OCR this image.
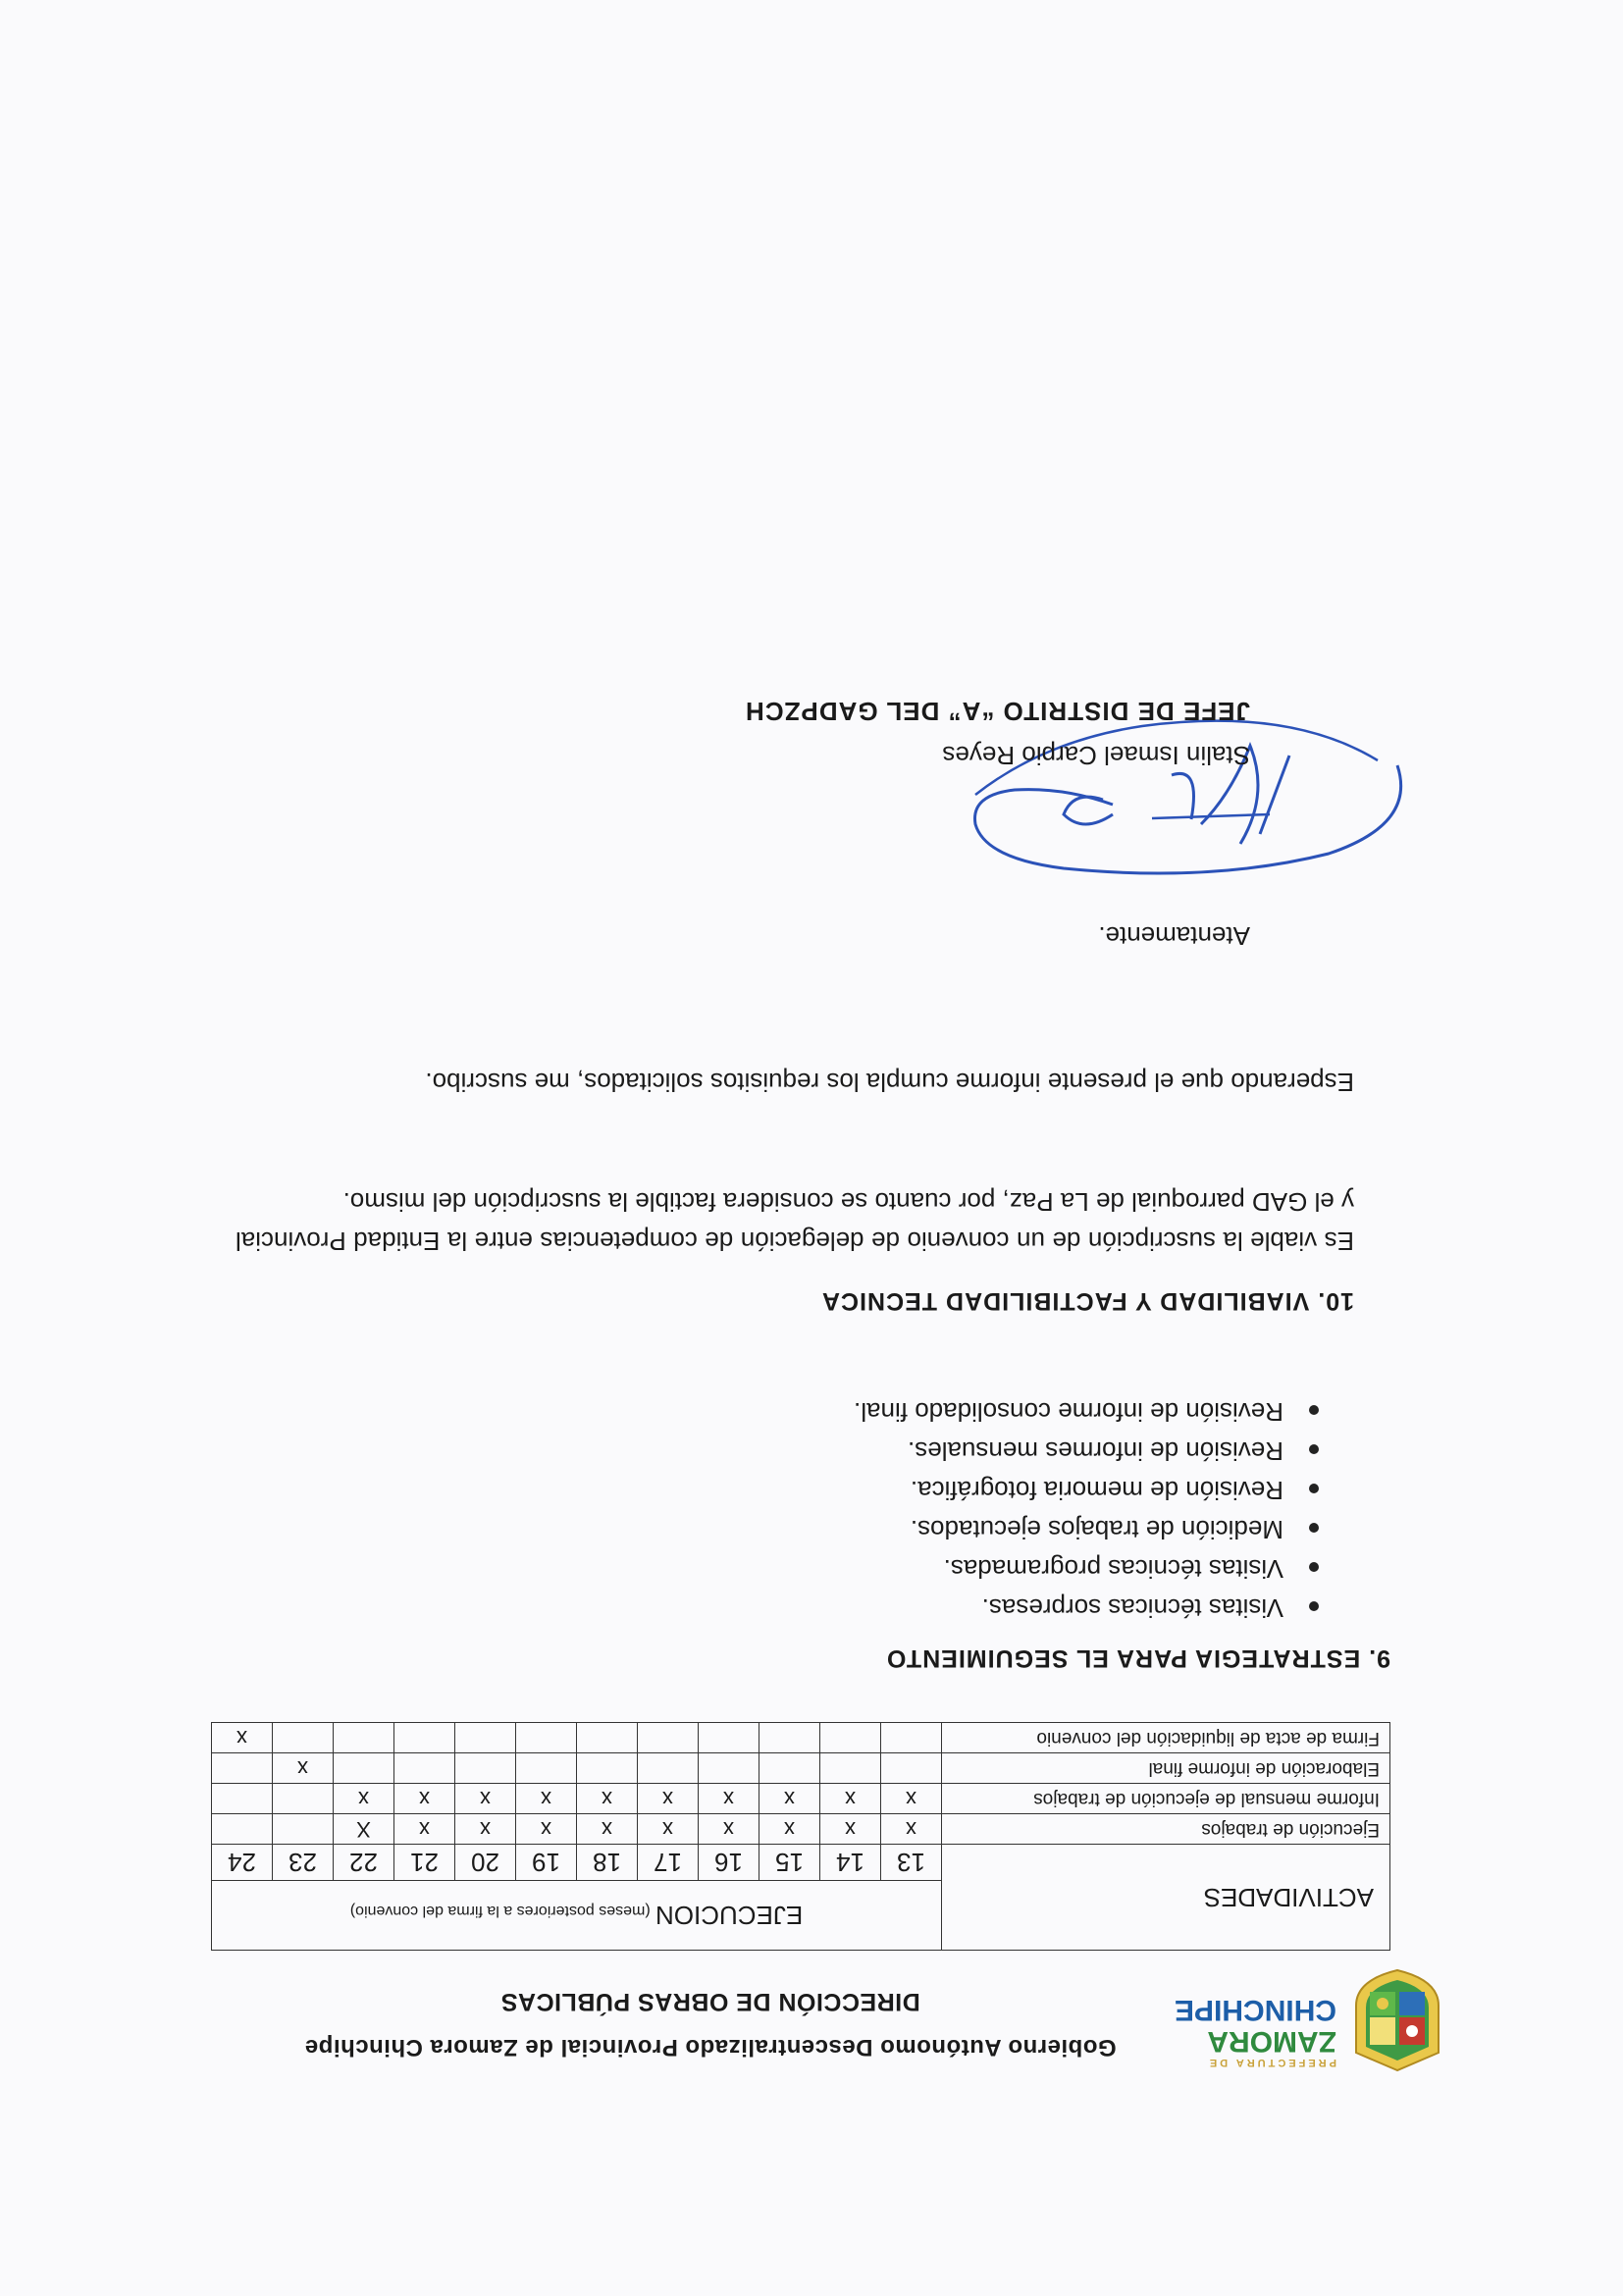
PREFECTURA DE
ZAMORA
CHINCHIPE
Gobierno Autónomo Descentralizado Provincial de Zamora Chinchipe
DIRECCIÓN DE OBRAS PÚBLICAS
ACTIVIDADES	EJECUCION (meses posteriores a la firma del convenio)											
	13	14	15	16	17	18	19	20	21	22	23	24
Ejecución de trabajos	x	x	x	x	x	x	x	x	x	X		
Informe mensual de ejecución de trabajos	x	x	x	x	x	x	x	x	x	x		
Elaboración de informe final											x	
Firma de acta de liquidación del convenio												x
9. ESTRATEGIA PARA EL SEGUIMIENTO
Visitas técnicas sorpresas.
Visitas técnicas programadas.
Medición de trabajos ejecutados.
Revisión de memoria fotográfica.
Revisión de informes mensuales.
Revisión de informe consolidado final.
10. VIABILIDAD Y FACTIBILIDAD TECNICA
Es viable la suscripción de un convenio de delegación de competencias entre la Entidad Provincial y el GAD parroquial de La Paz, por cuanto se considera factible la suscripción del mismo.
Esperando que el presente informe cumpla los requisitos solicitados, me suscribo.
Atentamente.
Stalin Ismael Carpio Reyes
JEFE DE DISTRITO “A” DEL GADPZCH
